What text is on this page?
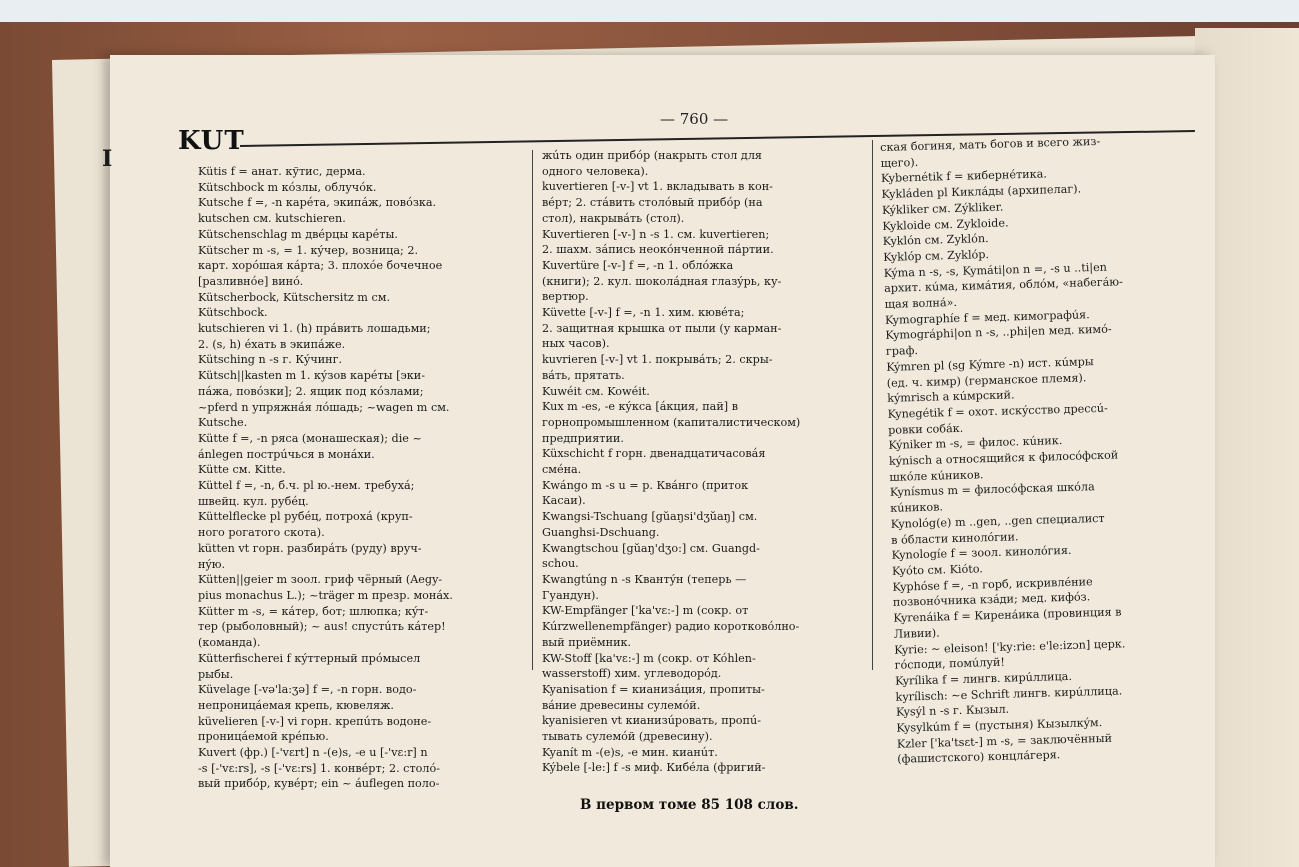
I
KUT
— 760 —
Kütis f = анат. кўтис, дерма.
Kütschbock m кóзлы, облучóк.
Kutsche f =, -n карéта, экипáж, повóзка.
kutschen см. kutschieren.
Kütschenschlag m двéрцы карéты.
Kütscher m -s, = 1. кýчер, возница; 2.
карт. хорóшая кáрта; 3. плохóе бочечное
[разливнóе] винó.
Kütscherbock, Kütschersitz m см.
Kütschbock.
kutschieren vi 1. (h) прáвить лошадьми;
2. (s, h) éхать в экипáже.
Kütsching n -s г. Кýчинг.
Kütsch||kasten m 1. кýзов карéты [эки-
пáжа, повóзки]; 2. ящик под кóзлами;
~pferd n упряжнáя лóшадь; ~wagen m см.
Kutsche.
Kütte f =, -n ряса (монашеская); die ~
ánlegen пострúчься в монáхи.
Kütte см. Kitte.
Küttel f =, -n, б.ч. pl ю.-нем. требухá;
швейц. кул. рубéц.
Küttelflecke pl рубéц, потрохá (круп-
ного рогатого скота).
kütten vt горн. разбирáть (руду) вруч-
нýю.
Kütten||geier m зоол. гриф чёрный (Aegy-
pius monachus L.); ~träger m презр. монáх.
Kütter m -s, = кáтер, бот; шлюпка; кýт-
тер (рыболовный); ~ aus! спустúть кáтер!
(команда).
Kütterfischerei f кýттерный прóмысел
рыбы.
Küvelage [-və'la:ʒə] f =, -n горн. водо-
непроницáемая крепь, кювеляж.
küvelieren [-v-] vi горн. крепúть водоне-
проницáемой крéпью.
Kuvert (фр.) [-'vɛrt] n -(e)s, -e u [-'vɛ:r] n
-s [-'vɛ:rs], -s [-'vɛ:rs] 1. конвéрт; 2. столó-
вый прибóр, кувéрт; ein ~ áuflegen поло-
жúть один прибóр (накрыть стол для
одного человека).
kuvertieren [-v-] vt 1. вкладывать в кон-
вéрт; 2. стáвить столóвый прибóр (на
стол), накрывáть (стол).
Kuvertieren [-v-] n -s 1. см. kuvertieren;
2. шахм. зáпись неокóнченной пáртии.
Kuvertüre [-v-] f =, -n 1. облóжка
(книги); 2. кул. шоколáдная глазýрь, ку-
вертюр.
Küvette [-v-] f =, -n 1. хим. кювéта;
2. защитная крышка от пыли (у карман-
ных часов).
kuvrieren [-v-] vt 1. покрывáть; 2. скры-
вáть, прятать.
Kuwéit см. Kowéit.
Kux m -es, -e кýкса [áкция, пай] в
горнопромышленном (капиталистическом)
предприятии.
Küxschicht f горн. двенадцатичасовáя
смéна.
Kwángo m -s u = р. Квáнго (приток
Касаи).
Kwangsi-Tschuang [gŭaŋsi'dʒŭaŋ] см.
Guanghsi-Dschuang.
Kwangtschou [gŭaŋ'dʒo:] см. Guangd-
schou.
Kwangtúng n -s Квантýн (теперь —
Гуандун).
KW-Empfänger ['ka'vɛ:-] m (сокр. от
Kúrzwellenempfänger) радио коротковóлно-
вый приёмник.
KW-Stoff [ka'vɛ:-] m (сокр. от Kóhlen-
wasserstoff) хим. углеводорóд.
Kyanisation f = кианизáция, пропиты-
вáние древесины сулемóй.
kyanisieren vt кианизúровать, пропú-
тывать сулемóй (древесину).
Kyanít m -(e)s, -e мин. кианúт.
Kýbele [-le:] f -s миф. Кибéла (фригий-
ская богиня, мать богов и всего жиз-
щего).
Kybernétik f = кибернéтика.
Kykláden pl Киклáды (архипелаг).
Kýkliker см. Zýkliker.
Kykloide см. Zykloide.
Kyklón см. Zyklón.
Kyklóp см. Zyklóp.
Kýma n -s, -s, Kymáti|on n =, -s u ..ti|en
архит. кúма, кимáтия, облóм, «набегáю-
щая волнá».
Kymographíe f = мед. кимографúя.
Kymográphi|on n -s, ..phi|en мед. кимó-
граф.
Kýmren pl (sg Kýmre -n) ист. кúмры
(ед. ч. кимр) (германское племя).
kýmrisch a кúмрский.
Kynegétik f = охот. искýсство дрессú-
ровки собáк.
Kýniker m -s, = филос. кúник.
kýnisch a относящийся к филосóфской
шкóле кúников.
Kynísmus m = филосóфская шкóла
кúников.
Kynológ(e) m ..gen, ..gen специалист
в óбласти кинолóгии.
Kynologíe f = зоол. кинолóгия.
Kyóto см. Kióto.
Kyphóse f =, -n горб, искривлéние
позвонóчника кзáди; мед. кифóз.
Kyrenáika f = Киренáика (провинция в
Ливии).
Kyrie: ~ eleison! ['ky:rie: e'le:izɔn] церк.
гóсподи, помúлуй!
Kyrílika f = лингв. кирúллица.
kyrílisch: ~e Schrift лингв. кирúллица.
Kysýl n -s г. Кызыл.
Kysylkúm f = (пустыня) Кызылкýм.
Kzler ['ka'tsɛt-] m -s, = заключённый
(фашистского) концлáгеря.
В первом томе 85 108 слов.
